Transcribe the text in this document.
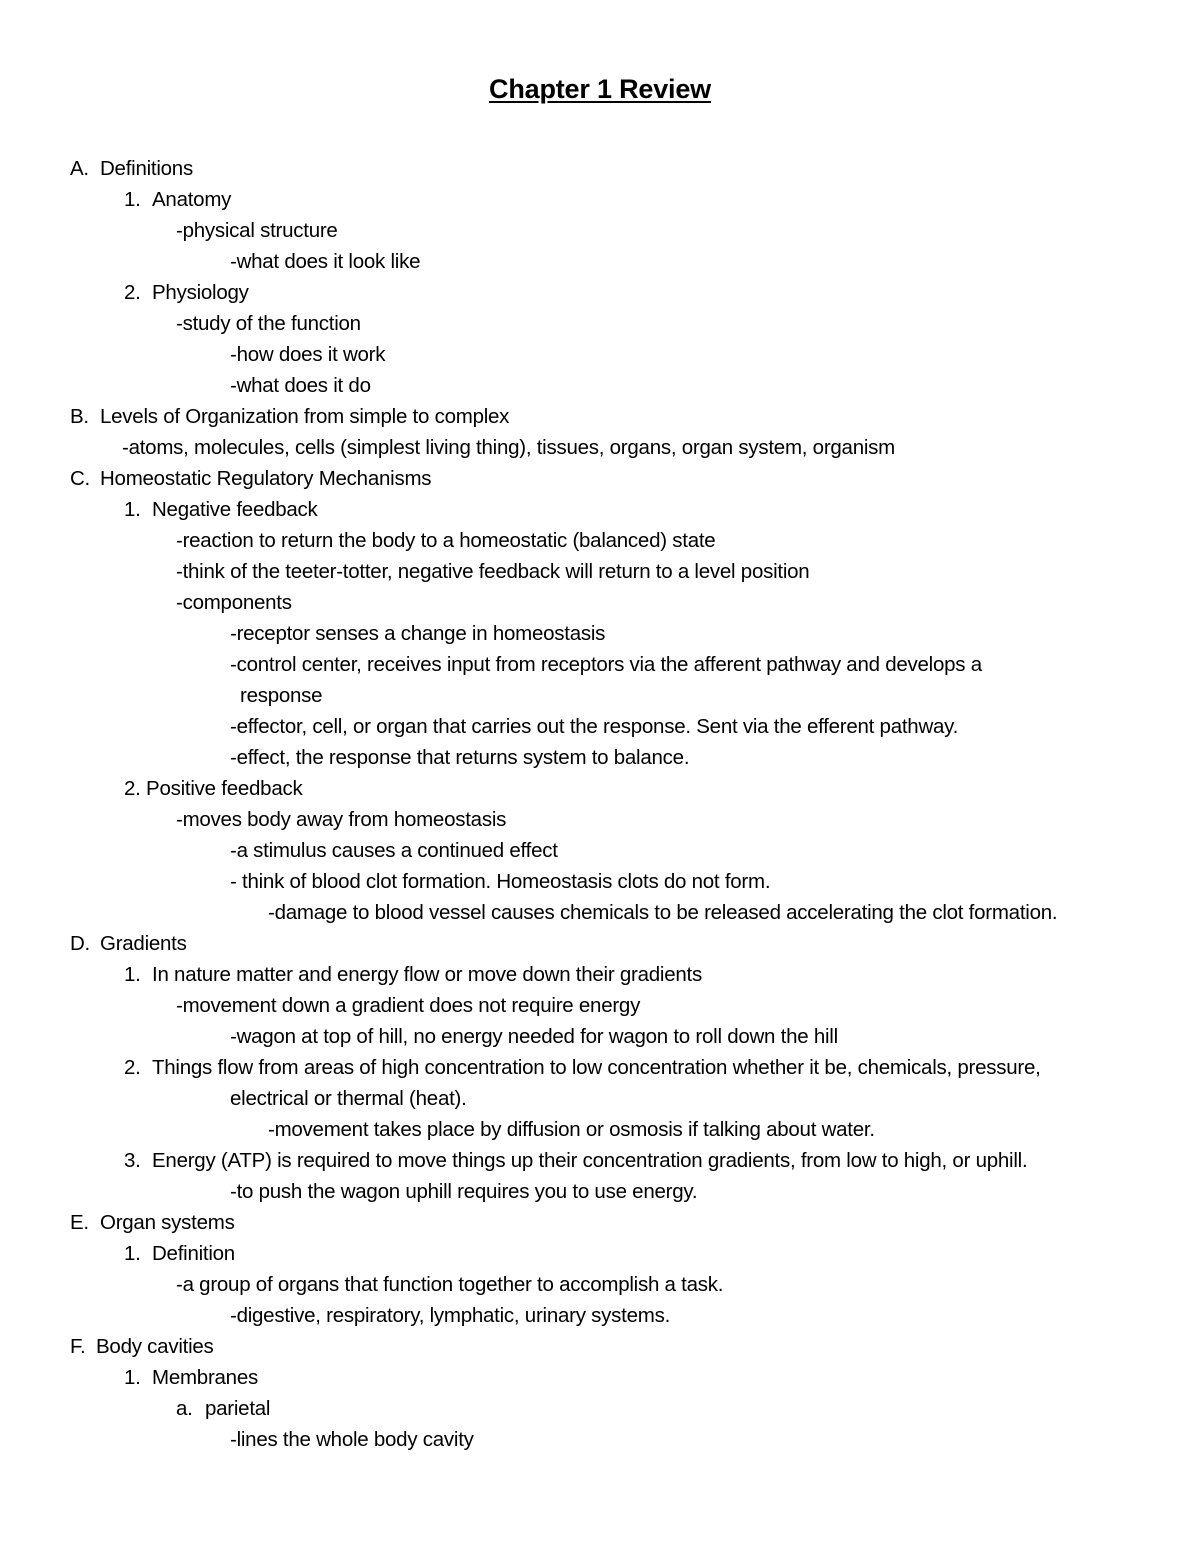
Chapter 1 Review
A. Definitions
1. Anatomy
-physical structure
-what does it look like
2. Physiology
-study of the function
-how does it work
-what does it do
B. Levels of Organization from simple to complex
-atoms, molecules, cells (simplest living thing), tissues, organs, organ system, organism
C. Homeostatic Regulatory Mechanisms
1. Negative feedback
-reaction to return the body to a homeostatic (balanced) state
-think of the teeter-totter, negative feedback will return to a level position
-components
-receptor senses a change in homeostasis
-control center, receives input from receptors via the afferent pathway and develops a
response
-effector, cell, or organ that carries out the response. Sent via the efferent pathway.
-effect, the response that returns system to balance.
2. Positive feedback
-moves body away from homeostasis
-a stimulus causes a continued effect
- think of blood clot formation. Homeostasis clots do not form.
-damage to blood vessel causes chemicals to be released accelerating the clot formation.
D. Gradients
1. In nature matter and energy flow or move down their gradients
-movement down a gradient does not require energy
-wagon at top of hill, no energy needed for wagon to roll down the hill
2. Things flow from areas of high concentration to low concentration whether it be, chemicals, pressure,
electrical or thermal (heat).
-movement takes place by diffusion or osmosis if talking about water.
3. Energy (ATP) is required to move things up their concentration gradients, from low to high, or uphill.
-to push the wagon uphill requires you to use energy.
E. Organ systems
1. Definition
-a group of organs that function together to accomplish a task.
-digestive, respiratory, lymphatic, urinary systems.
F. Body cavities
1. Membranes
a. parietal
-lines the whole body cavity
